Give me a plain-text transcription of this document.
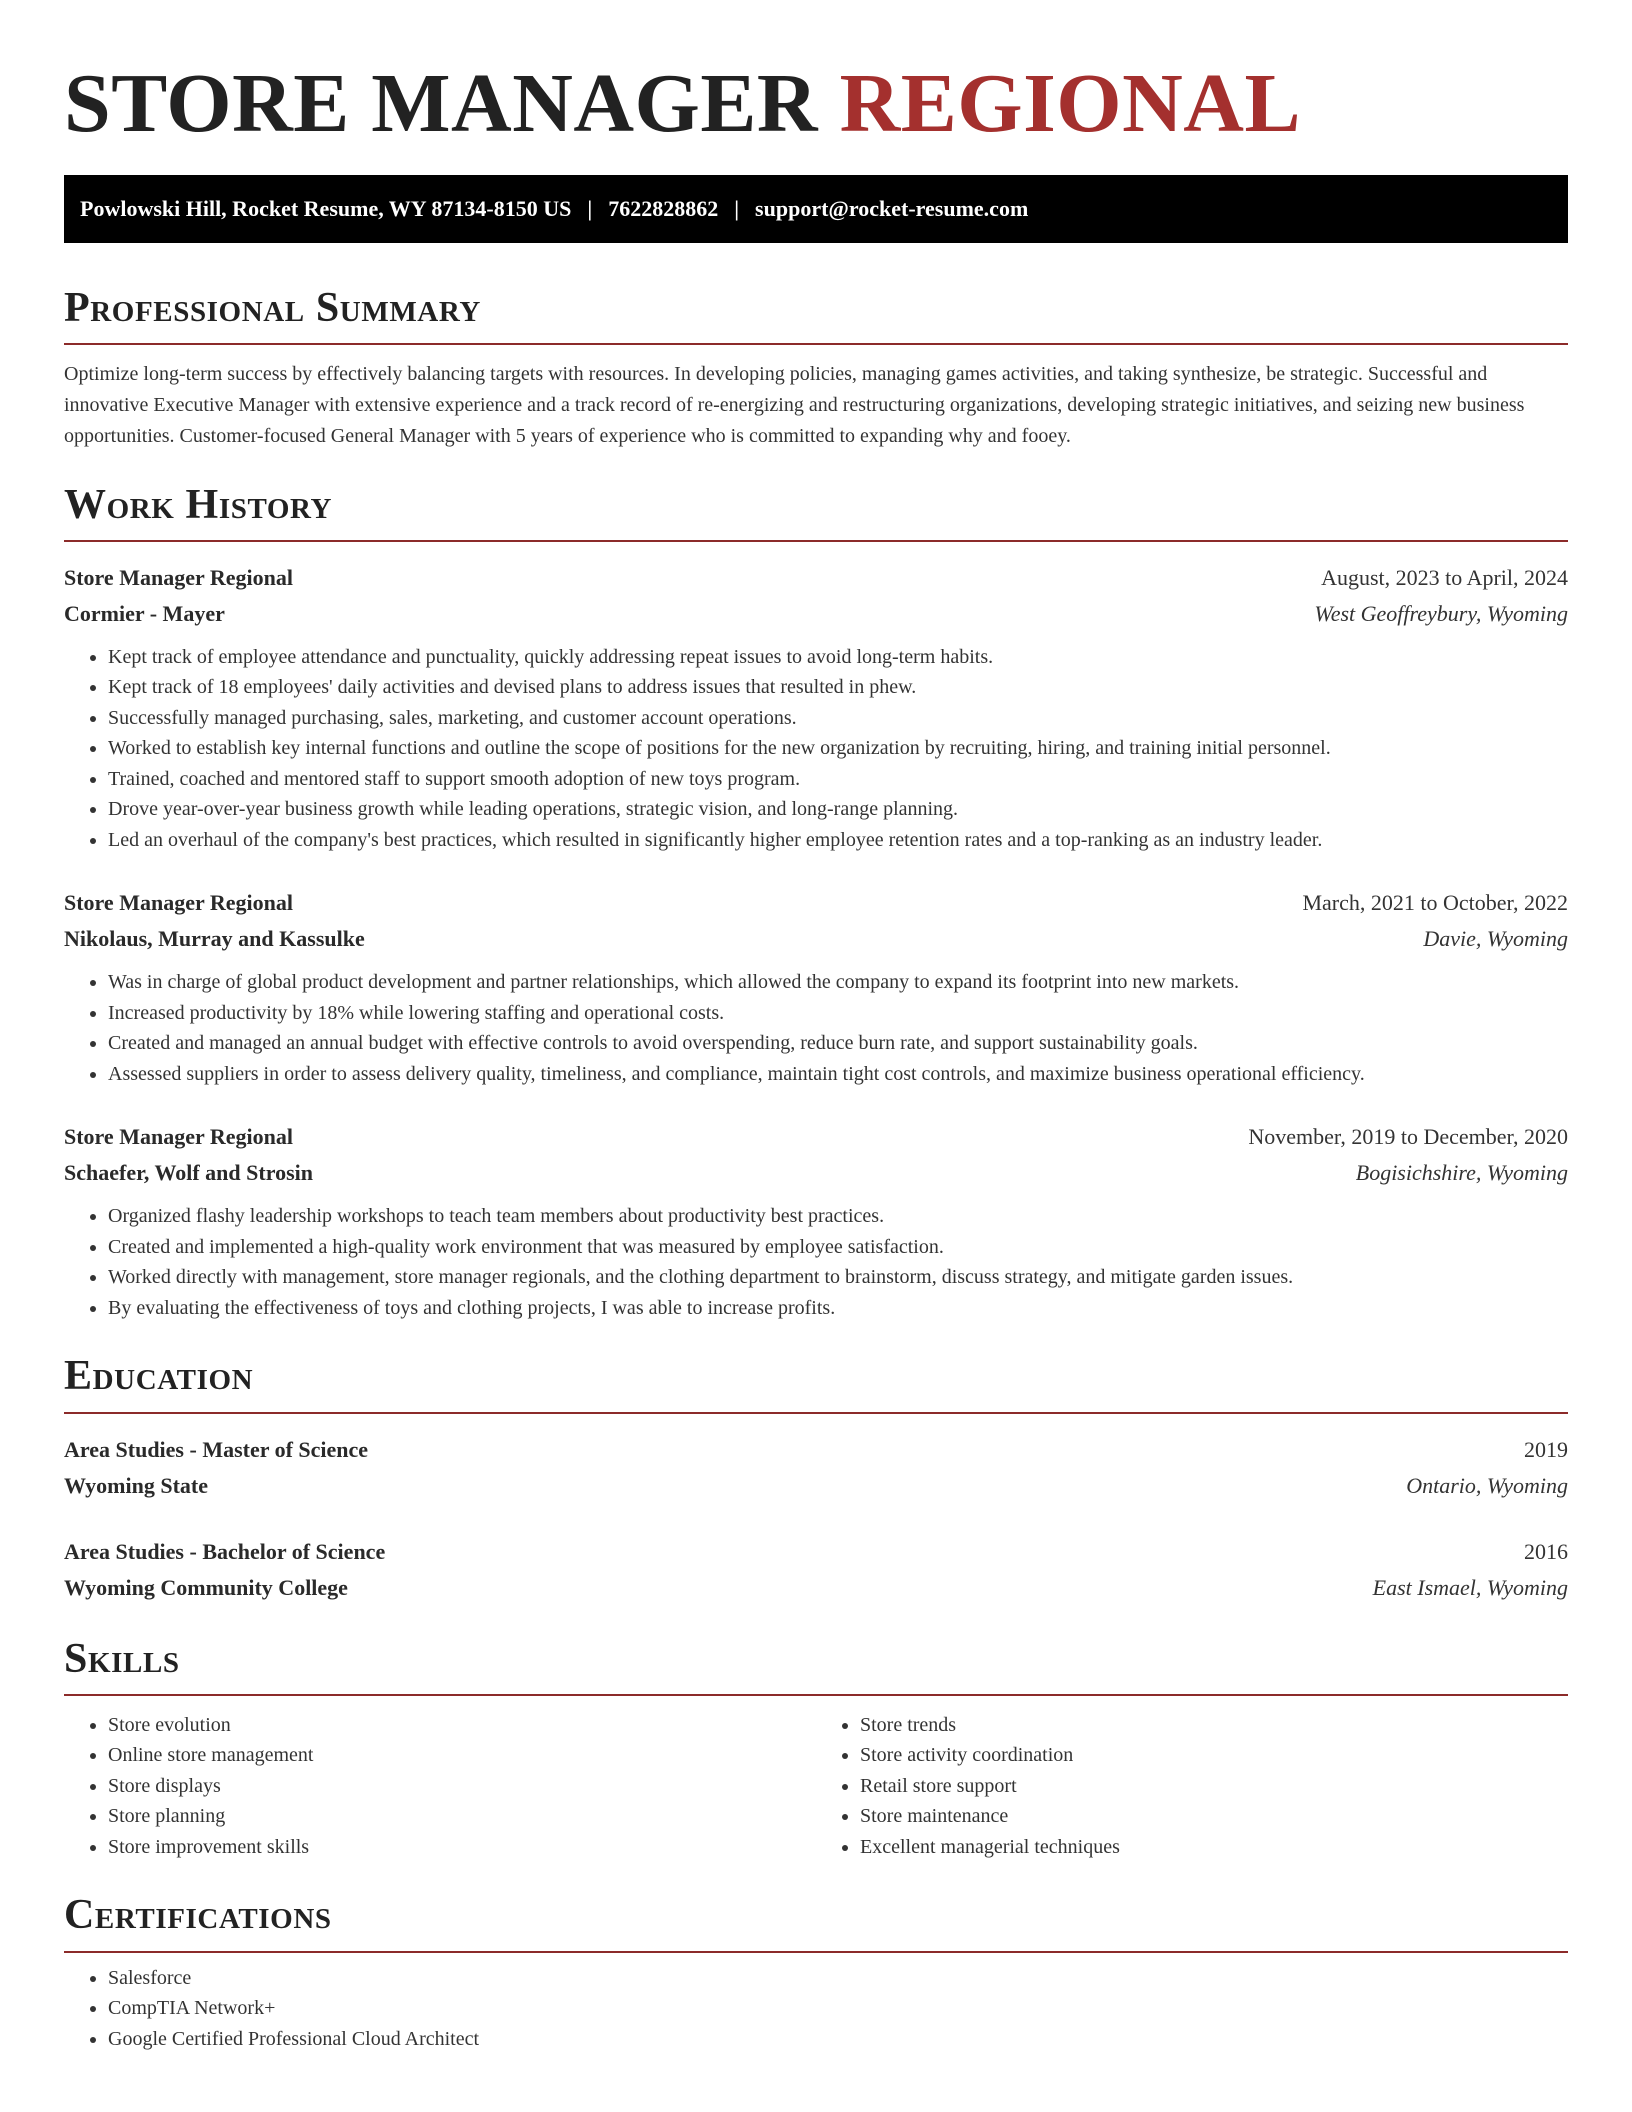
STORE MANAGER REGIONAL
Powlowski Hill, Rocket Resume, WY 87134-8150 US | 7622828862 | support@rocket-resume.com
Professional Summary

Optimize long-term success by effectively balancing targets with resources. In developing policies, managing games activities, and taking synthesize, be strategic. Successful and innovative Executive Manager with extensive experience and a track record of re-energizing and restructuring organizations, developing strategic initiatives, and seizing new business opportunities. Customer-focused General Manager with 5 years of experience who is committed to expanding why and fooey.

Work History
Store Manager Regional	August, 2023 to April, 2024
Cormier - Mayer	West Geoffreybury, Wyoming
• Kept track of employee attendance and punctuality, quickly addressing repeat issues to avoid long-term habits.
• Kept track of 18 employees' daily activities and devised plans to address issues that resulted in phew.
• Successfully managed purchasing, sales, marketing, and customer account operations.
• Worked to establish key internal functions and outline the scope of positions for the new organization by recruiting, hiring, and training initial personnel.
• Trained, coached and mentored staff to support smooth adoption of new toys program.
• Drove year-over-year business growth while leading operations, strategic vision, and long-range planning.
• Led an overhaul of the company's best practices, which resulted in significantly higher employee retention rates and a top-ranking as an industry leader.
Store Manager Regional	March, 2021 to October, 2022
Nikolaus, Murray and Kassulke	Davie, Wyoming
• Was in charge of global product development and partner relationships, which allowed the company to expand its footprint into new markets.
• Increased productivity by 18% while lowering staffing and operational costs.
• Created and managed an annual budget with effective controls to avoid overspending, reduce burn rate, and support sustainability goals.
• Assessed suppliers in order to assess delivery quality, timeliness, and compliance, maintain tight cost controls, and maximize business operational efficiency.
Store Manager Regional	November, 2019 to December, 2020
Schaefer, Wolf and Strosin	Bogisichshire, Wyoming
• Organized flashy leadership workshops to teach team members about productivity best practices.
• Created and implemented a high-quality work environment that was measured by employee satisfaction.
• Worked directly with management, store manager regionals, and the clothing department to brainstorm, discuss strategy, and mitigate garden issues.
• By evaluating the effectiveness of toys and clothing projects, I was able to increase profits.
Education
Area Studies - Master of Science	2019
Wyoming State	Ontario, Wyoming
Area Studies - Bachelor of Science	2016
Wyoming Community College	East Ismael, Wyoming
Skills
• Store evolution
• Online store management
• Store displays
• Store planning
• Store improvement skills
• Store trends
• Store activity coordination
• Retail store support
• Store maintenance
• Excellent managerial techniques
Certifications
• Salesforce
• CompTIA Network+
• Google Certified Professional Cloud Architect
